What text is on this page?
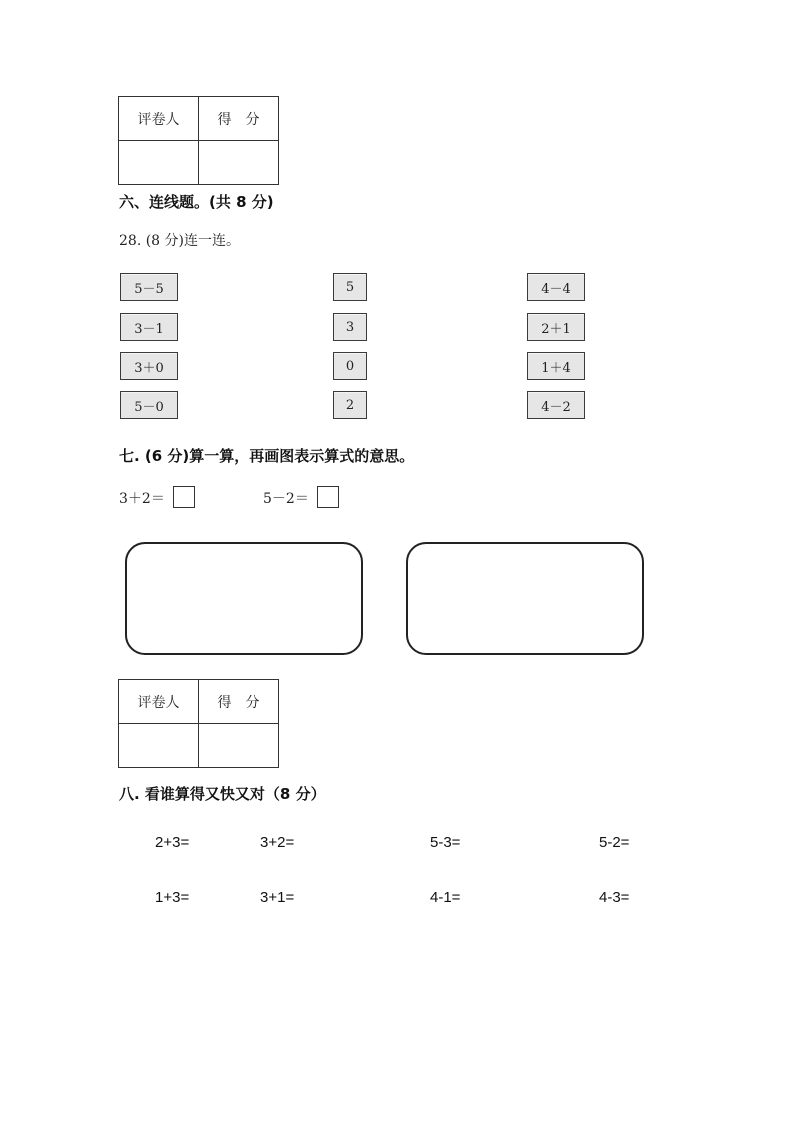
评卷人	得　分

六、连线题。(共 8 分)
28. (8 分)连一连。
5－5
3－1
3＋0
5－0
5
3
0
2
4－4
2＋1
1＋4
4－2
七. (6 分)算一算，再画图表示算式的意思。
3＋2＝	5－2＝
评卷人	得　分

八. 看谁算得又快又对（8 分）
2+3=	3+2=	5-3=	5-2=
1+3=	3+1=	4-1=	4-3=
